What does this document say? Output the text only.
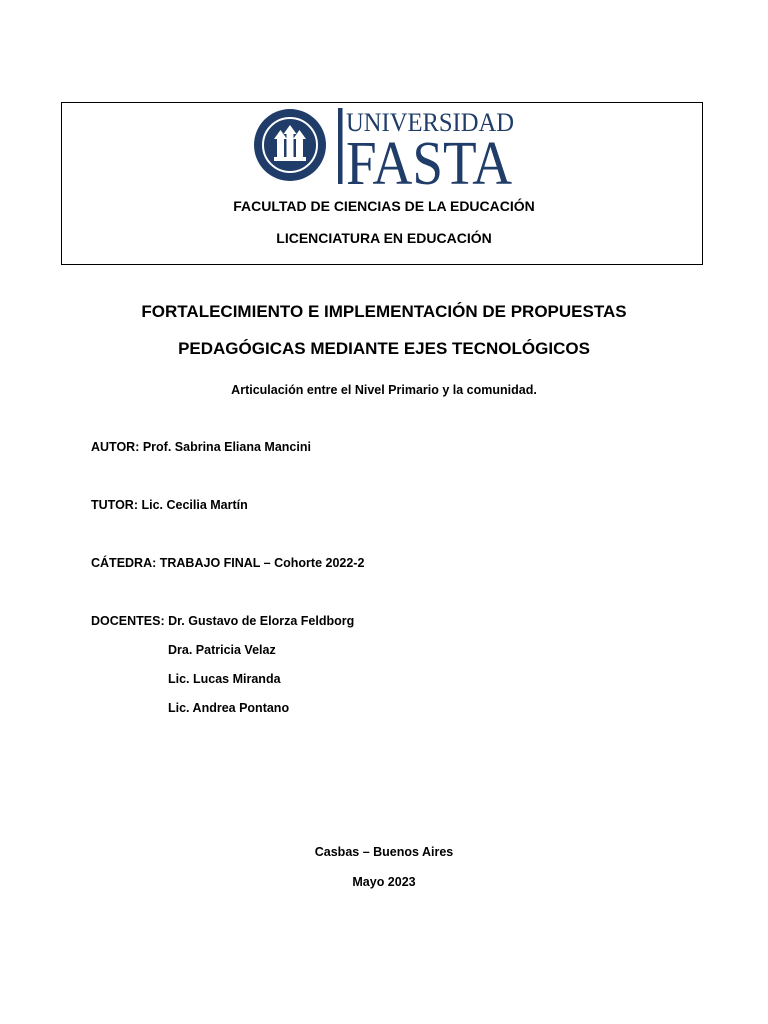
UNIVERSIDAD
FASTA
FACULTAD DE CIENCIAS DE LA EDUCACIÓN
LICENCIATURA EN EDUCACIÓN
FORTALECIMIENTO E IMPLEMENTACIÓN DE PROPUESTAS
PEDAGÓGICAS MEDIANTE EJES TECNOLÓGICOS
Articulación entre el Nivel Primario y la comunidad.
AUTOR: Prof. Sabrina Eliana Mancini
TUTOR: Lic. Cecilia Martín
CÁTEDRA: TRABAJO FINAL – Cohorte 2022-2
DOCENTES: Dr. Gustavo de Elorza Feldborg
Dra. Patricia Velaz
Lic. Lucas Miranda
Lic. Andrea Pontano
Casbas – Buenos Aires
Mayo 2023
